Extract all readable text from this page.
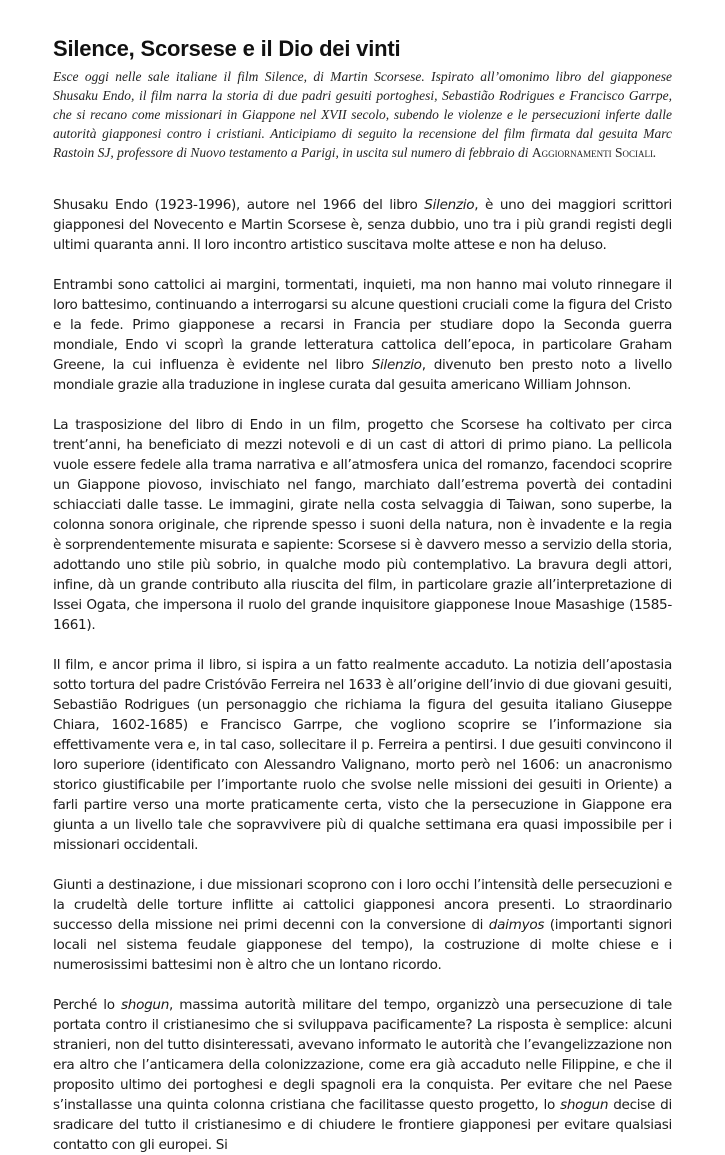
Silence, Scorsese e il Dio dei vinti

Esce oggi nelle sale italiane il film Silence, di Martin Scorsese. Ispirato all’omonimo libro del giapponese Shusaku Endo, il film narra la storia di due padri gesuiti portoghesi, Sebastião Rodrigues e Francisco Garrpe, che si recano come missionari in Giappone nel XVII secolo, subendo le violenze e le persecuzioni inferte dalle autorità giapponesi contro i cristiani. Anticipiamo di seguito la recensione del film firmata dal gesuita Marc Rastoin SJ, professore di Nuovo testamento a Parigi, in uscita sul numero di febbraio di Aggiornamenti Sociali.

Shusaku Endo (1923-1996), autore nel 1966 del libro Silenzio, è uno dei maggiori scrittori giapponesi del Novecento e Martin Scorsese è, senza dubbio, uno tra i più grandi registi degli ultimi quaranta anni. Il loro incontro artistico suscitava molte attese e non ha deluso.

Entrambi sono cattolici ai margini, tormentati, inquieti, ma non hanno mai voluto rinnegare il loro battesimo, continuando a interrogarsi su alcune questioni cruciali come la figura del Cristo e la fede. Primo giapponese a recarsi in Francia per studiare dopo la Seconda guerra mondiale, Endo vi scoprì la grande letteratura cattolica dell’epoca, in particolare Graham Greene, la cui influenza è evidente nel libro Silenzio, divenuto ben presto noto a livello mondiale grazie alla traduzione in inglese curata dal gesuita americano William Johnson.

La trasposizione del libro di Endo in un film, progetto che Scorsese ha coltivato per circa trent’anni, ha beneficiato di mezzi notevoli e di un cast di attori di primo piano. La pellicola vuole essere fedele alla trama narrativa e all’atmosfera unica del romanzo, facendoci scoprire un Giappone piovoso, invischiato nel fango, marchiato dall’estrema povertà dei contadini schiacciati dalle tasse. Le immagini, girate nella costa selvaggia di Taiwan, sono superbe, la colonna sonora originale, che riprende spesso i suoni della natura, non è invadente e la regia è sorprendentemente misurata e sapiente: Scorsese si è davvero messo a servizio della storia, adottando uno stile più sobrio, in qualche modo più contemplativo. La bravura degli attori, infine, dà un grande contributo alla riuscita del film, in particolare grazie all’interpretazione di Issei Ogata, che impersona il ruolo del grande inquisitore giapponese Inoue Masashige (1585-1661).

Il film, e ancor prima il libro, si ispira a un fatto realmente accaduto. La notizia dell’apostasia sotto tortura del padre Cristóvão Ferreira nel 1633 è all’origine dell’invio di due giovani gesuiti, Sebastião Rodrigues (un personaggio che richiama la figura del gesuita italiano Giuseppe Chiara, 1602-1685) e Francisco Garrpe, che vogliono scoprire se l’informazione sia effettivamente vera e, in tal caso, sollecitare il p. Ferreira a pentirsi. I due gesuiti convincono il loro superiore (identificato con Alessandro Valignano, morto però nel 1606: un anacronismo storico giustificabile per l’importante ruolo che svolse nelle missioni dei gesuiti in Oriente) a farli partire verso una morte praticamente certa, visto che la persecuzione in Giappone era giunta a un livello tale che sopravvivere più di qualche settimana era quasi impossibile per i missionari occidentali.

Giunti a destinazione, i due missionari scoprono con i loro occhi l’intensità delle persecuzioni e la crudeltà delle torture inflitte ai cattolici giapponesi ancora presenti. Lo straordinario successo della missione nei primi decenni con la conversione di daimyos (importanti signori locali nel sistema feudale giapponese del tempo), la costruzione di molte chiese e i numerosissimi battesimi non è altro che un lontano ricordo.

Perché lo shogun, massima autorità militare del tempo, organizzò una persecuzione di tale portata contro il cristianesimo che si sviluppava pacificamente? La risposta è semplice: alcuni stranieri, non del tutto disinteressati, avevano informato le autorità che l’evangelizzazione non era altro che l’anticamera della colonizzazione, come era già accaduto nelle Filippine, e che il proposito ultimo dei portoghesi e degli spagnoli era la conquista. Per evitare che nel Paese s’installasse una quinta colonna cristiana che facilitasse questo progetto, lo shogun decise di sradicare del tutto il cristianesimo e di chiudere le frontiere giapponesi per evitare qualsiasi contatto con gli europei. Si
